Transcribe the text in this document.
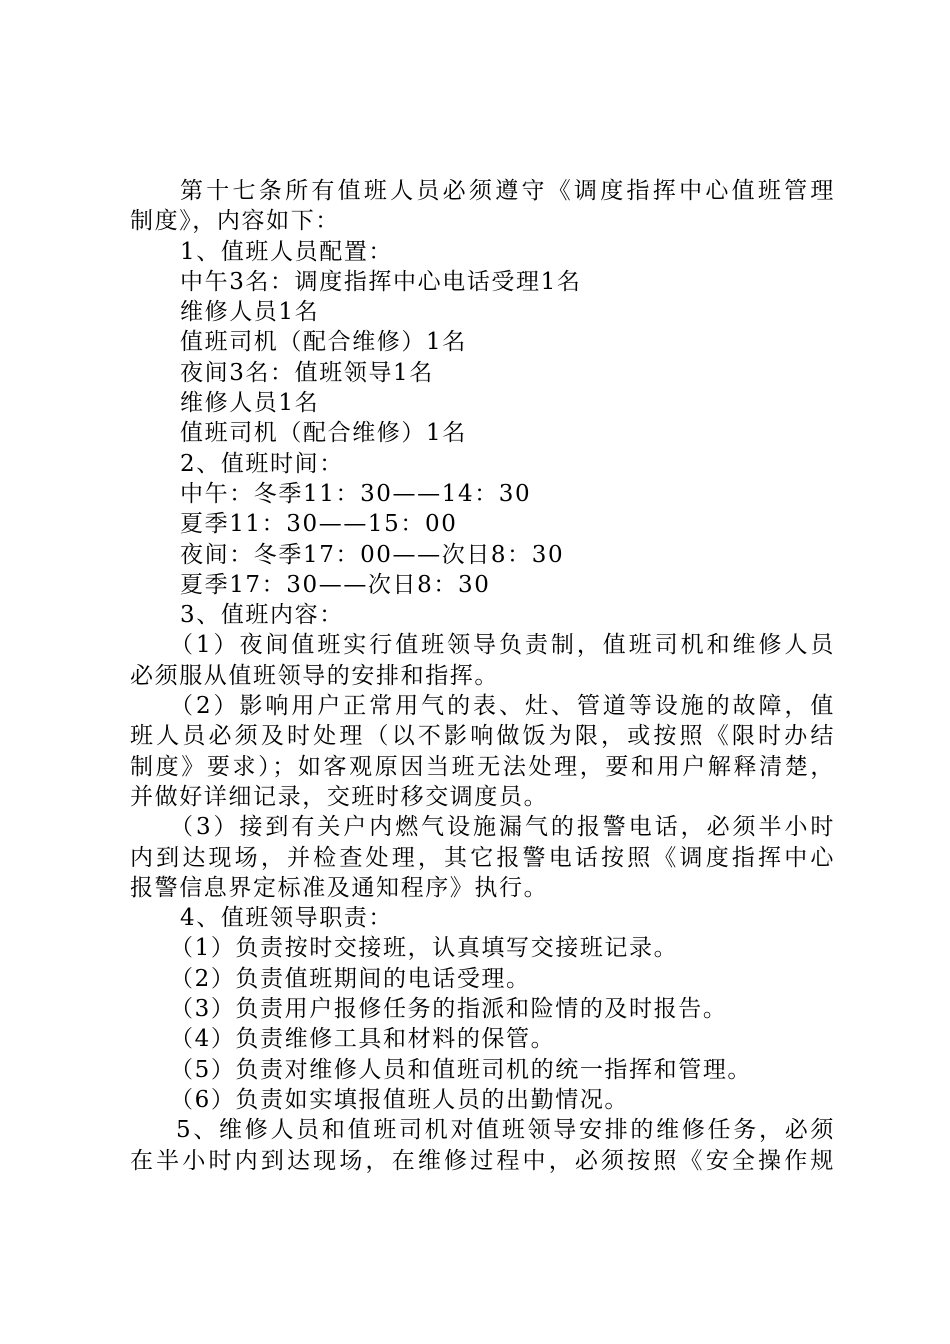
第十七条所有值班人员必须遵守《调度指挥中心值班管理

制度》，内容如下：

1、值班人员配置：

中午3名：调度指挥中心电话受理1名

维修人员1名

值班司机（配合维修）1名

夜间3名：值班领导1名

维修人员1名

值班司机（配合维修）1名

2、值班时间：

中午：冬季11：30——14：30

夏季11：30——15：00

夜间：冬季17：00——次日8：30

夏季17：30——次日8：30

3、值班内容：

（1）夜间值班实行值班领导负责制，值班司机和维修人员

必须服从值班领导的安排和指挥。

（2）影响用户正常用气的表、灶、管道等设施的故障，值

班人员必须及时处理（以不影响做饭为限，或按照《限时办结

制度》要求）；如客观原因当班无法处理，要和用户解释清楚，

并做好详细记录，交班时移交调度员。

（3）接到有关户内燃气设施漏气的报警电话，必须半小时

内到达现场，并检查处理，其它报警电话按照《调度指挥中心

报警信息界定标准及通知程序》执行。

4、值班领导职责：

（1）负责按时交接班，认真填写交接班记录。

（2）负责值班期间的电话受理。

（3）负责用户报修任务的指派和险情的及时报告。

（4）负责维修工具和材料的保管。

（5）负责对维修人员和值班司机的统一指挥和管理。

（6）负责如实填报值班人员的出勤情况。

5、维修人员和值班司机对值班领导安排的维修任务，必须

在半小时内到达现场，在维修过程中，必须按照《安全操作规
